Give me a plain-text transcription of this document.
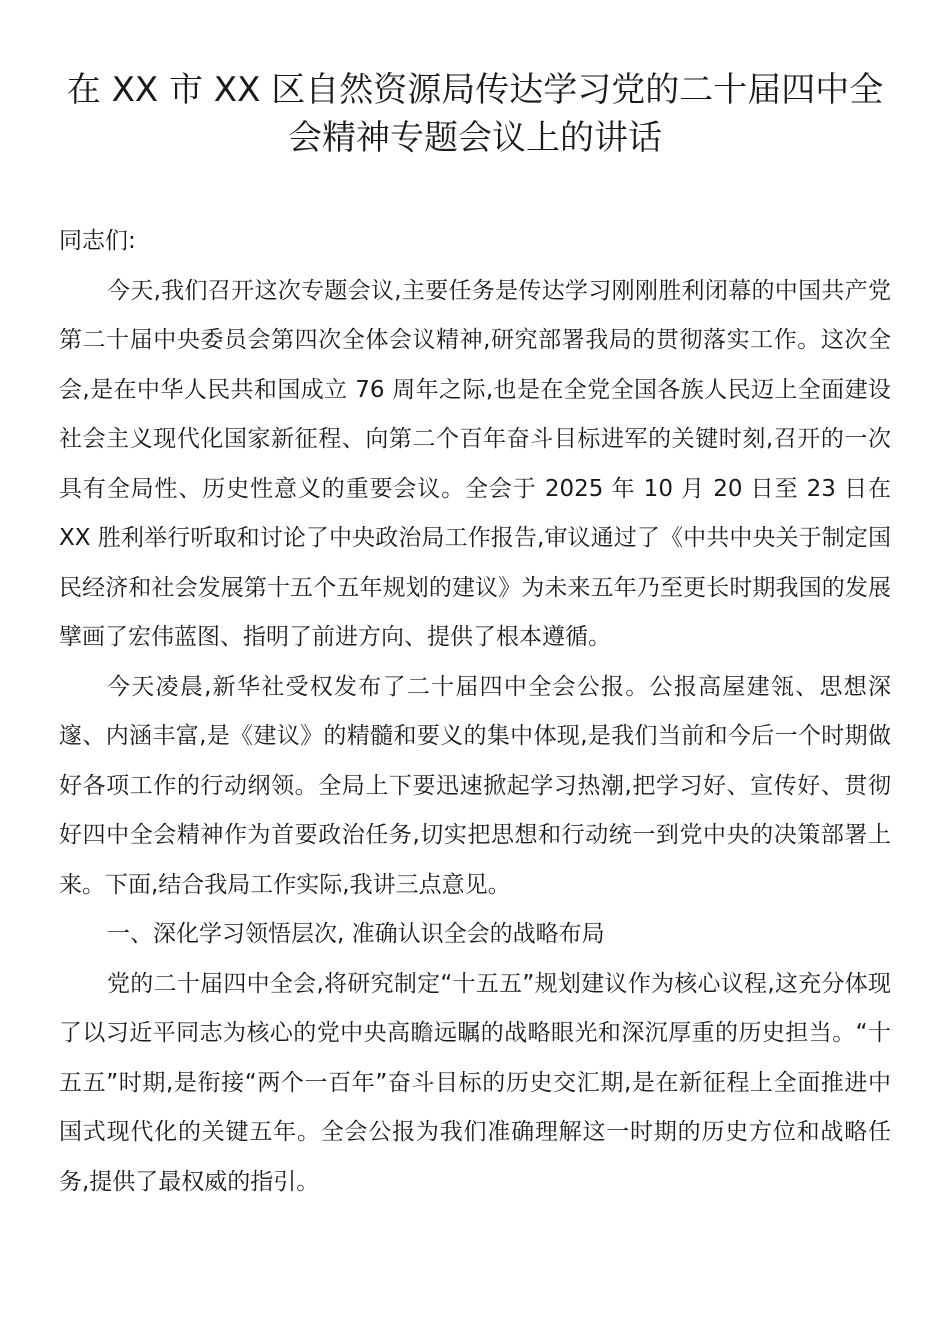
在 XX 市 XX 区自然资源局传达学习党的二十届四中全
会精神专题会议上的讲话

同志们:

今天,我们召开这次专题会议,主要任务是传达学习刚刚胜利闭幕的中国共产党第二十届中央委员会第四次全体会议精神,研究部署我局的贯彻落实工作。这次全会,是在中华人民共和国成立 76 周年之际,也是在全党全国各族人民迈上全面建设社会主义现代化国家新征程、向第二个百年奋斗目标进军的关键时刻,召开的一次具有全局性、历史性意义的重要会议。全会于 2025 年 10 月 20 日至 23 日在 XX 胜利举行听取和讨论了中央政治局工作报告,审议通过了《中共中央关于制定国民经济和社会发展第十五个五年规划的建议》为未来五年乃至更长时期我国的发展擘画了宏伟蓝图、指明了前进方向、提供了根本遵循。

今天凌晨,新华社受权发布了二十届四中全会公报。公报高屋建瓴、思想深邃、内涵丰富,是《建议》的精髓和要义的集中体现,是我们当前和今后一个时期做好各项工作的行动纲领。全局上下要迅速掀起学习热潮,把学习好、宣传好、贯彻好四中全会精神作为首要政治任务,切实把思想和行动统一到党中央的决策部署上来。下面,结合我局工作实际,我讲三点意见。

一、深化学习领悟层次, 准确认识全会的战略布局

党的二十届四中全会,将研究制定“十五五”规划建议作为核心议程,这充分体现了以习近平同志为核心的党中央高瞻远瞩的战略眼光和深沉厚重的历史担当。“十五五”时期,是衔接“两个一百年”奋斗目标的历史交汇期,是在新征程上全面推进中国式现代化的关键五年。全会公报为我们准确理解这一时期的历史方位和战略任务,提供了最权威的指引。
